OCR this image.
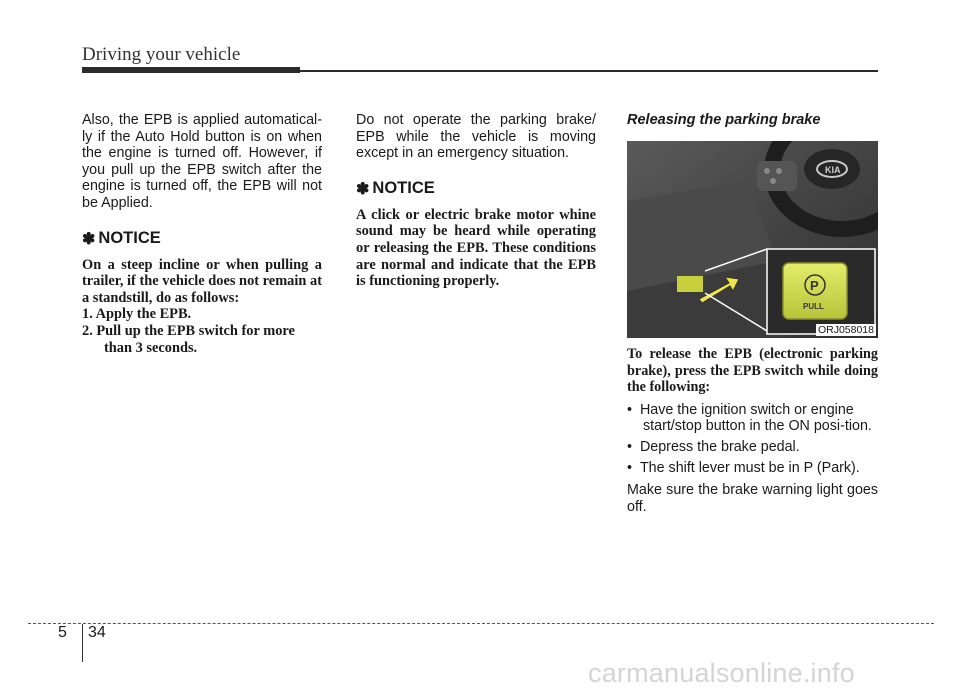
Driving your vehicle

Also, the EPB is applied automatical-ly if the Auto Hold button is on when the engine is turned off. However, if you pull up the EPB switch after the engine is turned off, the EPB will not be Applied.

✽ NOTICE

On a steep incline or when pulling a trailer, if the vehicle does not remain at a standstill, do as follows:

1. Apply the EPB.

2. Pull up the EPB switch for more than 3 seconds.

Do not operate the parking brake/ EPB while the vehicle is moving except in an emergency situation.

✽ NOTICE

A click or electric brake motor whine sound may be heard while operating or releasing the EPB. These conditions are normal and indicate that the EPB is functioning properly.

Releasing the parking brake

KIA
P
PULL
ORJ058018

To release the EPB (electronic parking brake), press the EPB switch while doing the following:

•  Have the ignition switch or engine start/stop button in the ON posi-tion.

•  Depress the brake pedal.

•  The shift lever must be in P (Park).

Make sure the brake warning light goes off.

5 34
carmanualsonline.info
